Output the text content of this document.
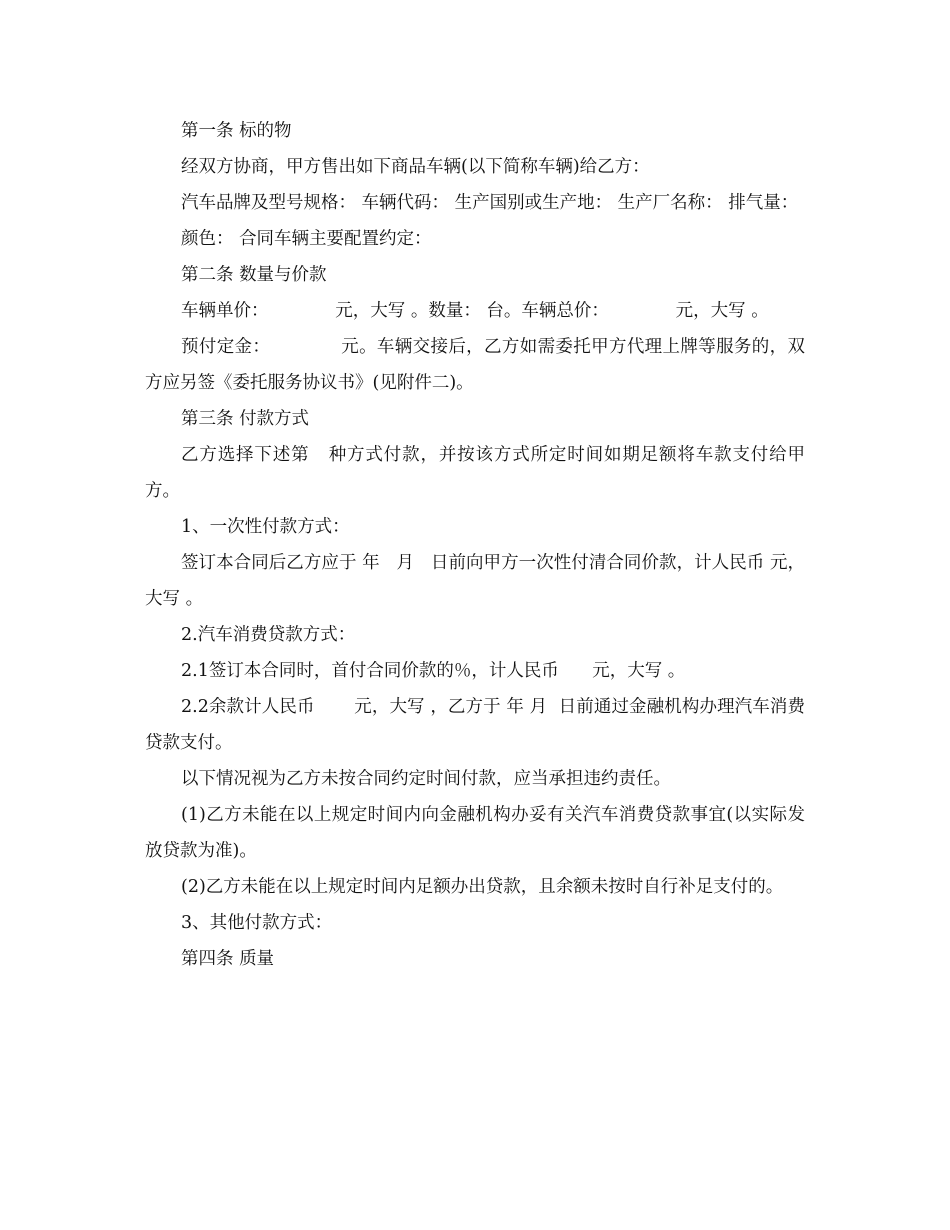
第一条 标的物

经双方协商，甲方售出如下商品车辆(以下简称车辆)给乙方：

汽车品牌及型号规格： 车辆代码： 生产国别或生产地： 生产厂名称： 排气量：

颜色： 合同车辆主要配置约定：

第二条 数量与价款

车辆单价：            元，大写 。数量： 台。车辆总价：            元，大写 。

预付定金：            元。车辆交接后，乙方如需委托甲方代理上牌等服务的，双方应另签《委托服务协议书》(见附件二)。

第三条 付款方式

乙方选择下述第   种方式付款，并按该方式所定时间如期足额将车款支付给甲方。

1、一次性付款方式：

签订本合同后乙方应于 年   月   日前向甲方一次性付清合同价款，计人民币 元，大写 。

2.汽车消费贷款方式：

2.1签订本合同时，首付合同价款的％，计人民币      元，大写 。

2.2余款计人民币       元，大写 ，乙方于 年 月  日前通过金融机构办理汽车消费贷款支付。

以下情况视为乙方未按合同约定时间付款，应当承担违约责任。

(1)乙方未能在以上规定时间内向金融机构办妥有关汽车消费贷款事宜(以实际发放贷款为准)。

(2)乙方未能在以上规定时间内足额办出贷款，且余额未按时自行补足支付的。

3、其他付款方式：

第四条 质量
